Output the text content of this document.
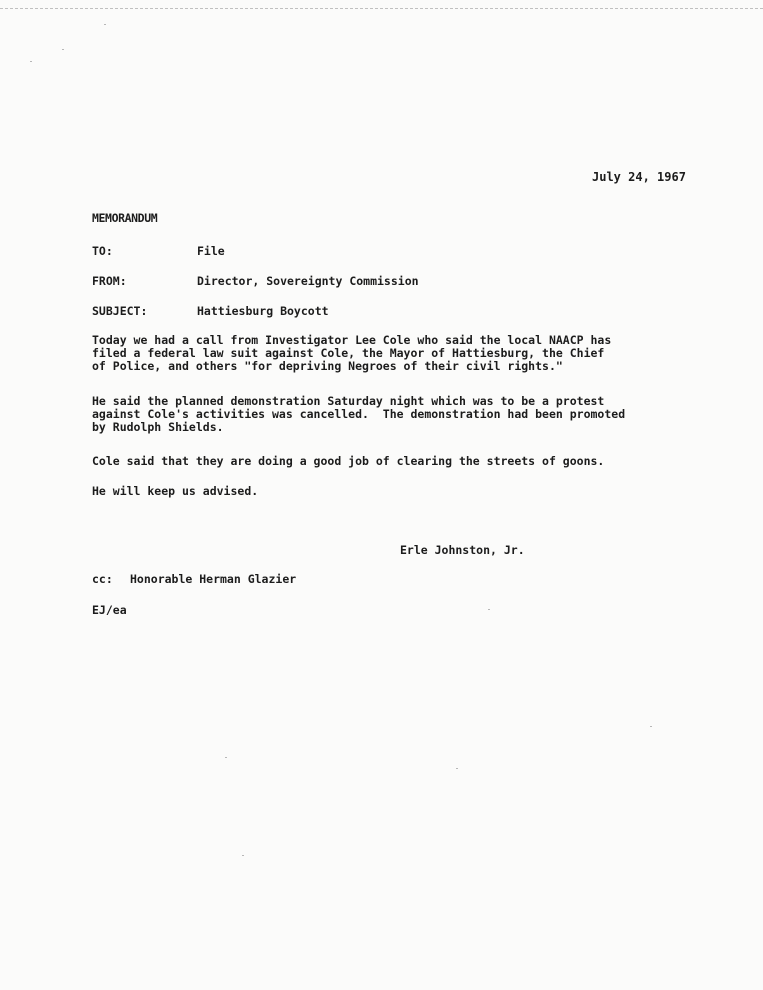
July 24, 1967
MEMORANDUM
TO:	File
FROM:	Director, Sovereignty Commission
SUBJECT:	Hattiesburg Boycott
Today we had a call from Investigator Lee Cole who said the local NAACP has
filed a federal law suit against Cole, the Mayor of Hattiesburg, the Chief
of Police, and others "for depriving Negroes of their civil rights."
He said the planned demonstration Saturday night which was to be a protest
against Cole's activities was cancelled.  The demonstration had been promoted
by Rudolph Shields.
Cole said that they are doing a good job of clearing the streets of goons.
He will keep us advised.
Erle Johnston, Jr.
cc: Honorable Herman Glazier
EJ/ea
